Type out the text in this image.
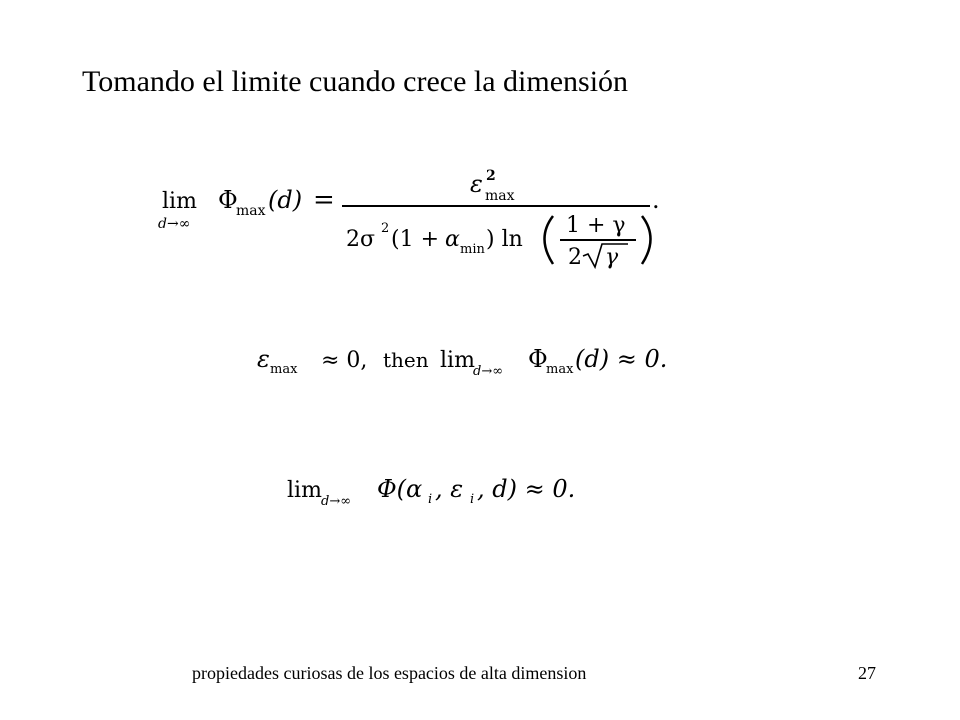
Tomando el limite cuando crece la dimensión
lim
d→∞
Φ
max (d) =
ε 2
max
2σ 2 (1 + α min ) ln
1 + γ
2 γ
.
ε max ≈ 0, then lim
d→∞ Φ
max (d) ≈ 0.
lim d→∞ Φ(α i , ε i , d) ≈ 0.
propiedades curiosas de los espacios de alta dimension	27
